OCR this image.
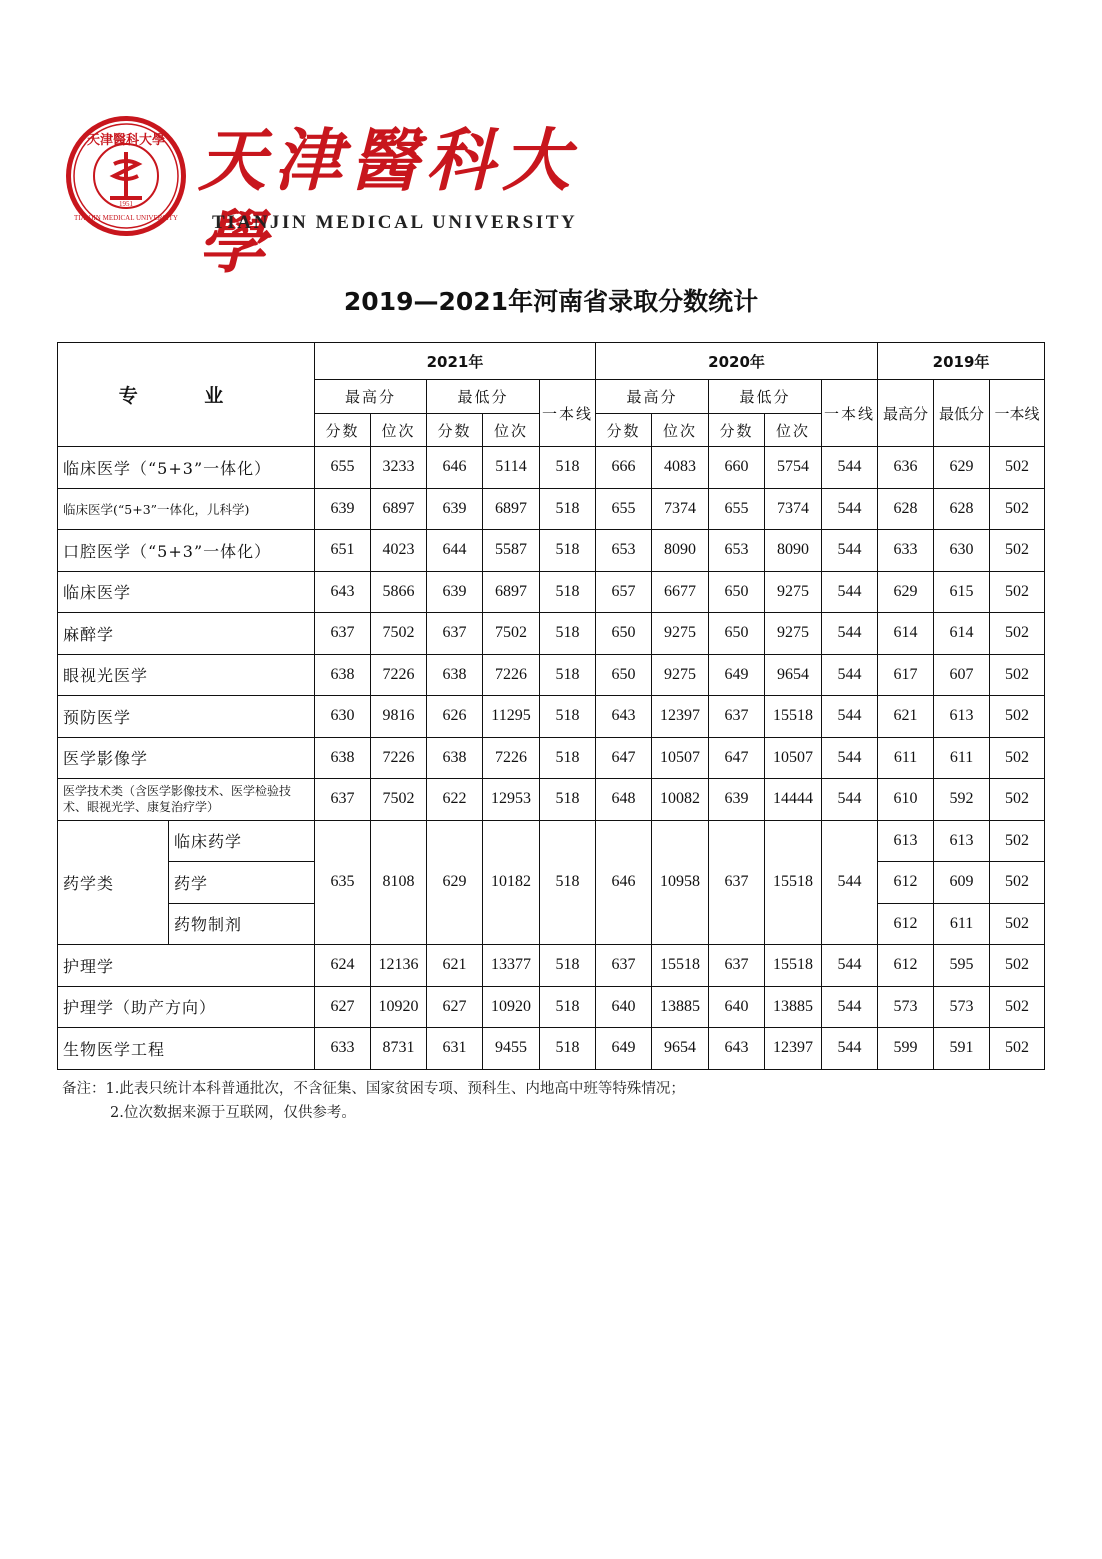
天津醫科大學
TIANJIN MEDICAL UNIVERSITY
1951
天津醫科大學
TIANJIN MEDICAL UNIVERSITY
2019—2021年河南省录取分数统计
专 业		2021年					2020年					2019年		
		最高分		最低分		一本线	最高分		最低分		一本线	最高分	最低分	一本线
		分数	位次	分数	位次		分数	位次	分数	位次				
临床医学（“5+3”一体化）		655	3233	646	5114	518	666	4083	660	5754	544	636	629	502
临床医学(“5+3”一体化，儿科学)		639	6897	639	6897	518	655	7374	655	7374	544	628	628	502
口腔医学（“5+3”一体化）		651	4023	644	5587	518	653	8090	653	8090	544	633	630	502
临床医学		643	5866	639	6897	518	657	6677	650	9275	544	629	615	502
麻醉学		637	7502	637	7502	518	650	9275	650	9275	544	614	614	502
眼视光医学		638	7226	638	7226	518	650	9275	649	9654	544	617	607	502
预防医学		630	9816	626	11295	518	643	12397	637	15518	544	621	613	502
医学影像学		638	7226	638	7226	518	647	10507	647	10507	544	611	611	502
医学技术类（含医学影像技术、医学检验技术、眼视光学、康复治疗学）		637	7502	622	12953	518	648	10082	639	14444	544	610	592	502
药学类	临床药学	635	8108	629	10182	518	646	10958	637	15518	544	613	613	502
	药学											612	609	502
	药物制剂											612	611	502
护理学		624	12136	621	13377	518	637	15518	637	15518	544	612	595	502
护理学（助产方向）		627	10920	627	10920	518	640	13885	640	13885	544	573	573	502
生物医学工程		633	8731	631	9455	518	649	9654	643	12397	544	599	591	502
备注：1.此表只统计本科普通批次，不含征集、国家贫困专项、预科生、内地高中班等特殊情况；
2.位次数据来源于互联网，仅供参考。
